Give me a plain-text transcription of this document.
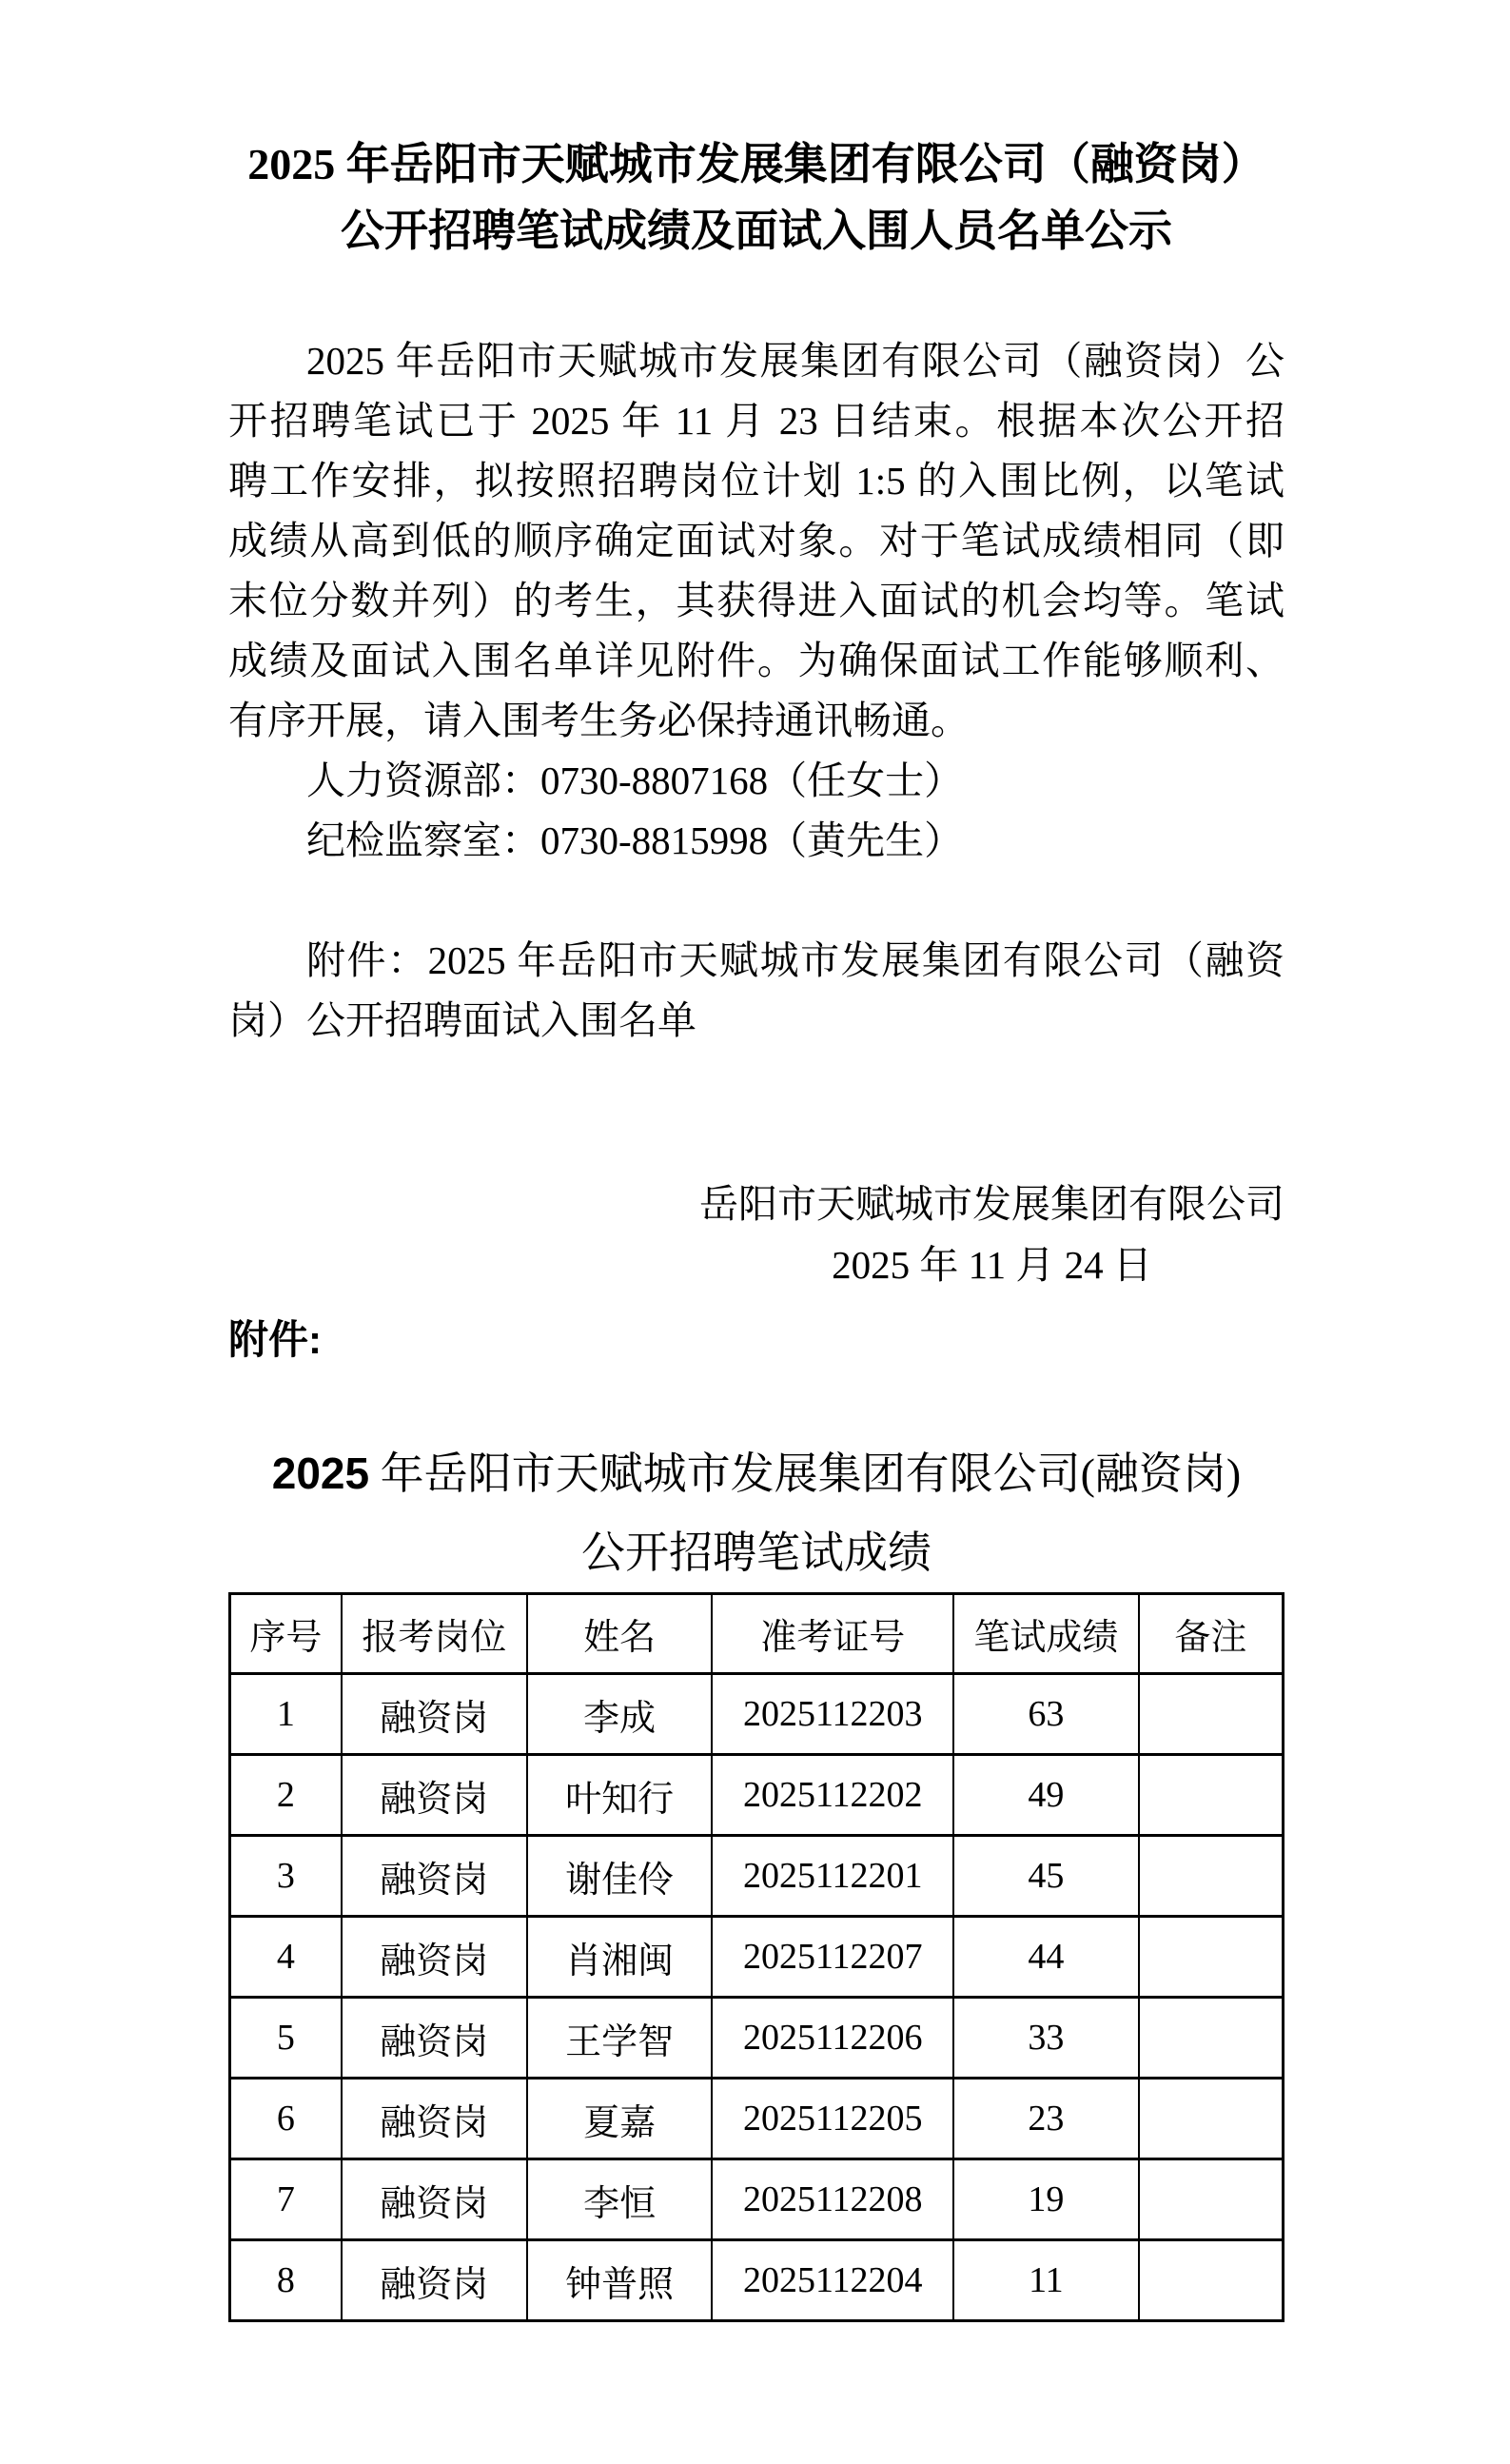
2025 年岳阳市天赋城市发展集团有限公司（融资岗）
公开招聘笔试成绩及面试入围人员名单公示
2025 年岳阳市天赋城市发展集团有限公司（融资岗）公
开招聘笔试已于 2025 年 11 月 23 日结束。根据本次公开招
聘工作安排，拟按照招聘岗位计划 1:5 的入围比例，以笔试
成绩从高到低的顺序确定面试对象。对于笔试成绩相同（即
末位分数并列）的考生，其获得进入面试的机会均等。笔试
成绩及面试入围名单详见附件。为确保面试工作能够顺利、
有序开展，请入围考生务必保持通讯畅通。
人力资源部：0730-8807168（任女士）
纪检监察室：0730-8815998（黄先生）
附件：2025 年岳阳市天赋城市发展集团有限公司（融资
岗）公开招聘面试入围名单
岳阳市天赋城市发展集团有限公司
2025 年 11 月 24 日
附件:
2025 年岳阳市天赋城市发展集团有限公司(融资岗)
公开招聘笔试成绩
序号	报考岗位	姓名	准考证号	笔试成绩	备注
1	融资岗	李成	2025112203	63	
2	融资岗	叶知行	2025112202	49	
3	融资岗	谢佳伶	2025112201	45	
4	融资岗	肖湘闽	2025112207	44	
5	融资岗	王学智	2025112206	33	
6	融资岗	夏嘉	2025112205	23	
7	融资岗	李恒	2025112208	19	
8	融资岗	钟普照	2025112204	11	
